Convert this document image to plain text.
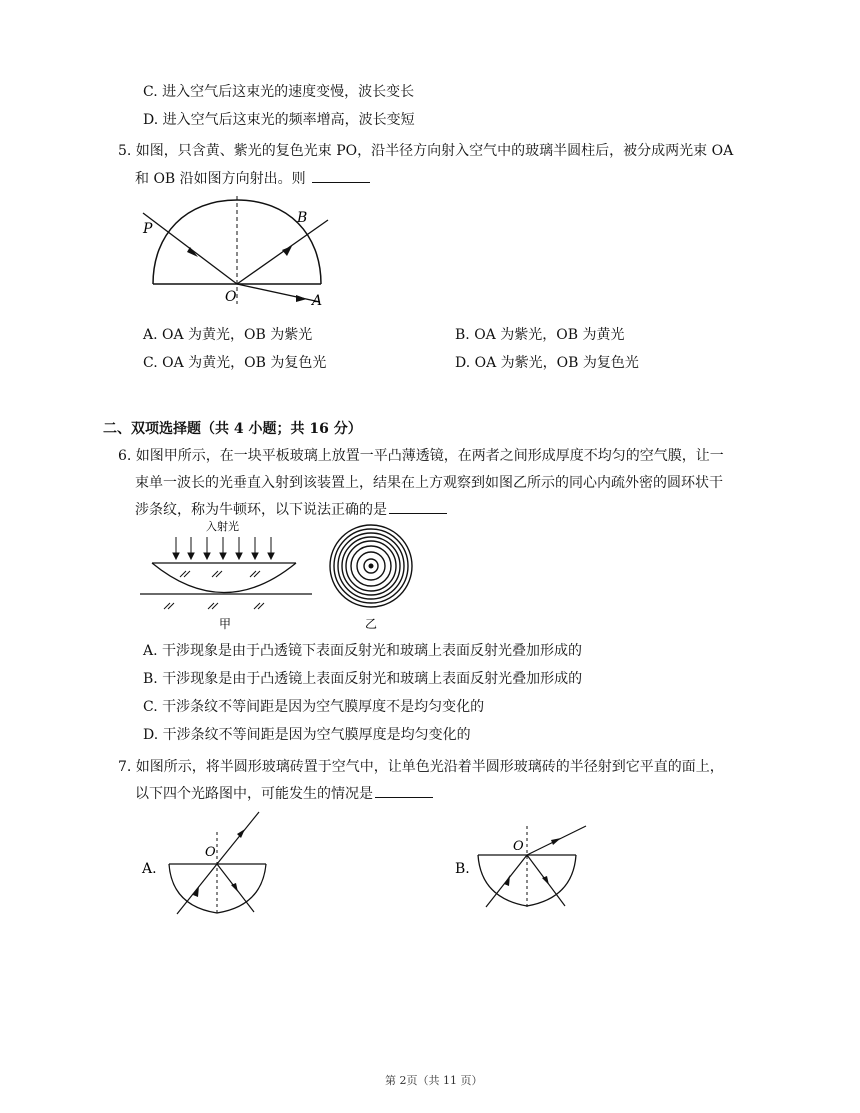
C. 进入空气后这束光的速度变慢，波长变长
D. 进入空气后这束光的频率增高，波长变短
5. 如图，只含黄、紫光的复色光束 PO，沿半径方向射入空气中的玻璃半圆柱后，被分成两光束 OA
和 OB 沿如图方向射出。则
P
B
O	A
A. OA 为黄光，OB 为紫光	B. OA 为紫光，OB 为黄光
C. OA 为黄光，OB 为复色光	D. OA 为紫光，OB 为复色光
二、双项选择题（共 4 小题；共 16 分）
6. 如图甲所示，在一块平板玻璃上放置一平凸薄透镜，在两者之间形成厚度不均匀的空气膜，让一
束单一波长的光垂直入射到该装置上，结果在上方观察到如图乙所示的同心内疏外密的圆环状干
涉条纹，称为牛顿环，以下说法正确的是
入射光
甲	乙
A. 干涉现象是由于凸透镜下表面反射光和玻璃上表面反射光叠加形成的
B. 干涉现象是由于凸透镜上表面反射光和玻璃上表面反射光叠加形成的
C. 干涉条纹不等间距是因为空气膜厚度不是均匀变化的
D. 干涉条纹不等间距是因为空气膜厚度是均匀变化的
7. 如图所示，将半圆形玻璃砖置于空气中，让单色光沿着半圆形玻璃砖的半径射到它平直的面上，
以下四个光路图中，可能发生的情况是
A.
O
B.
O
第 2页（共 11 页）
